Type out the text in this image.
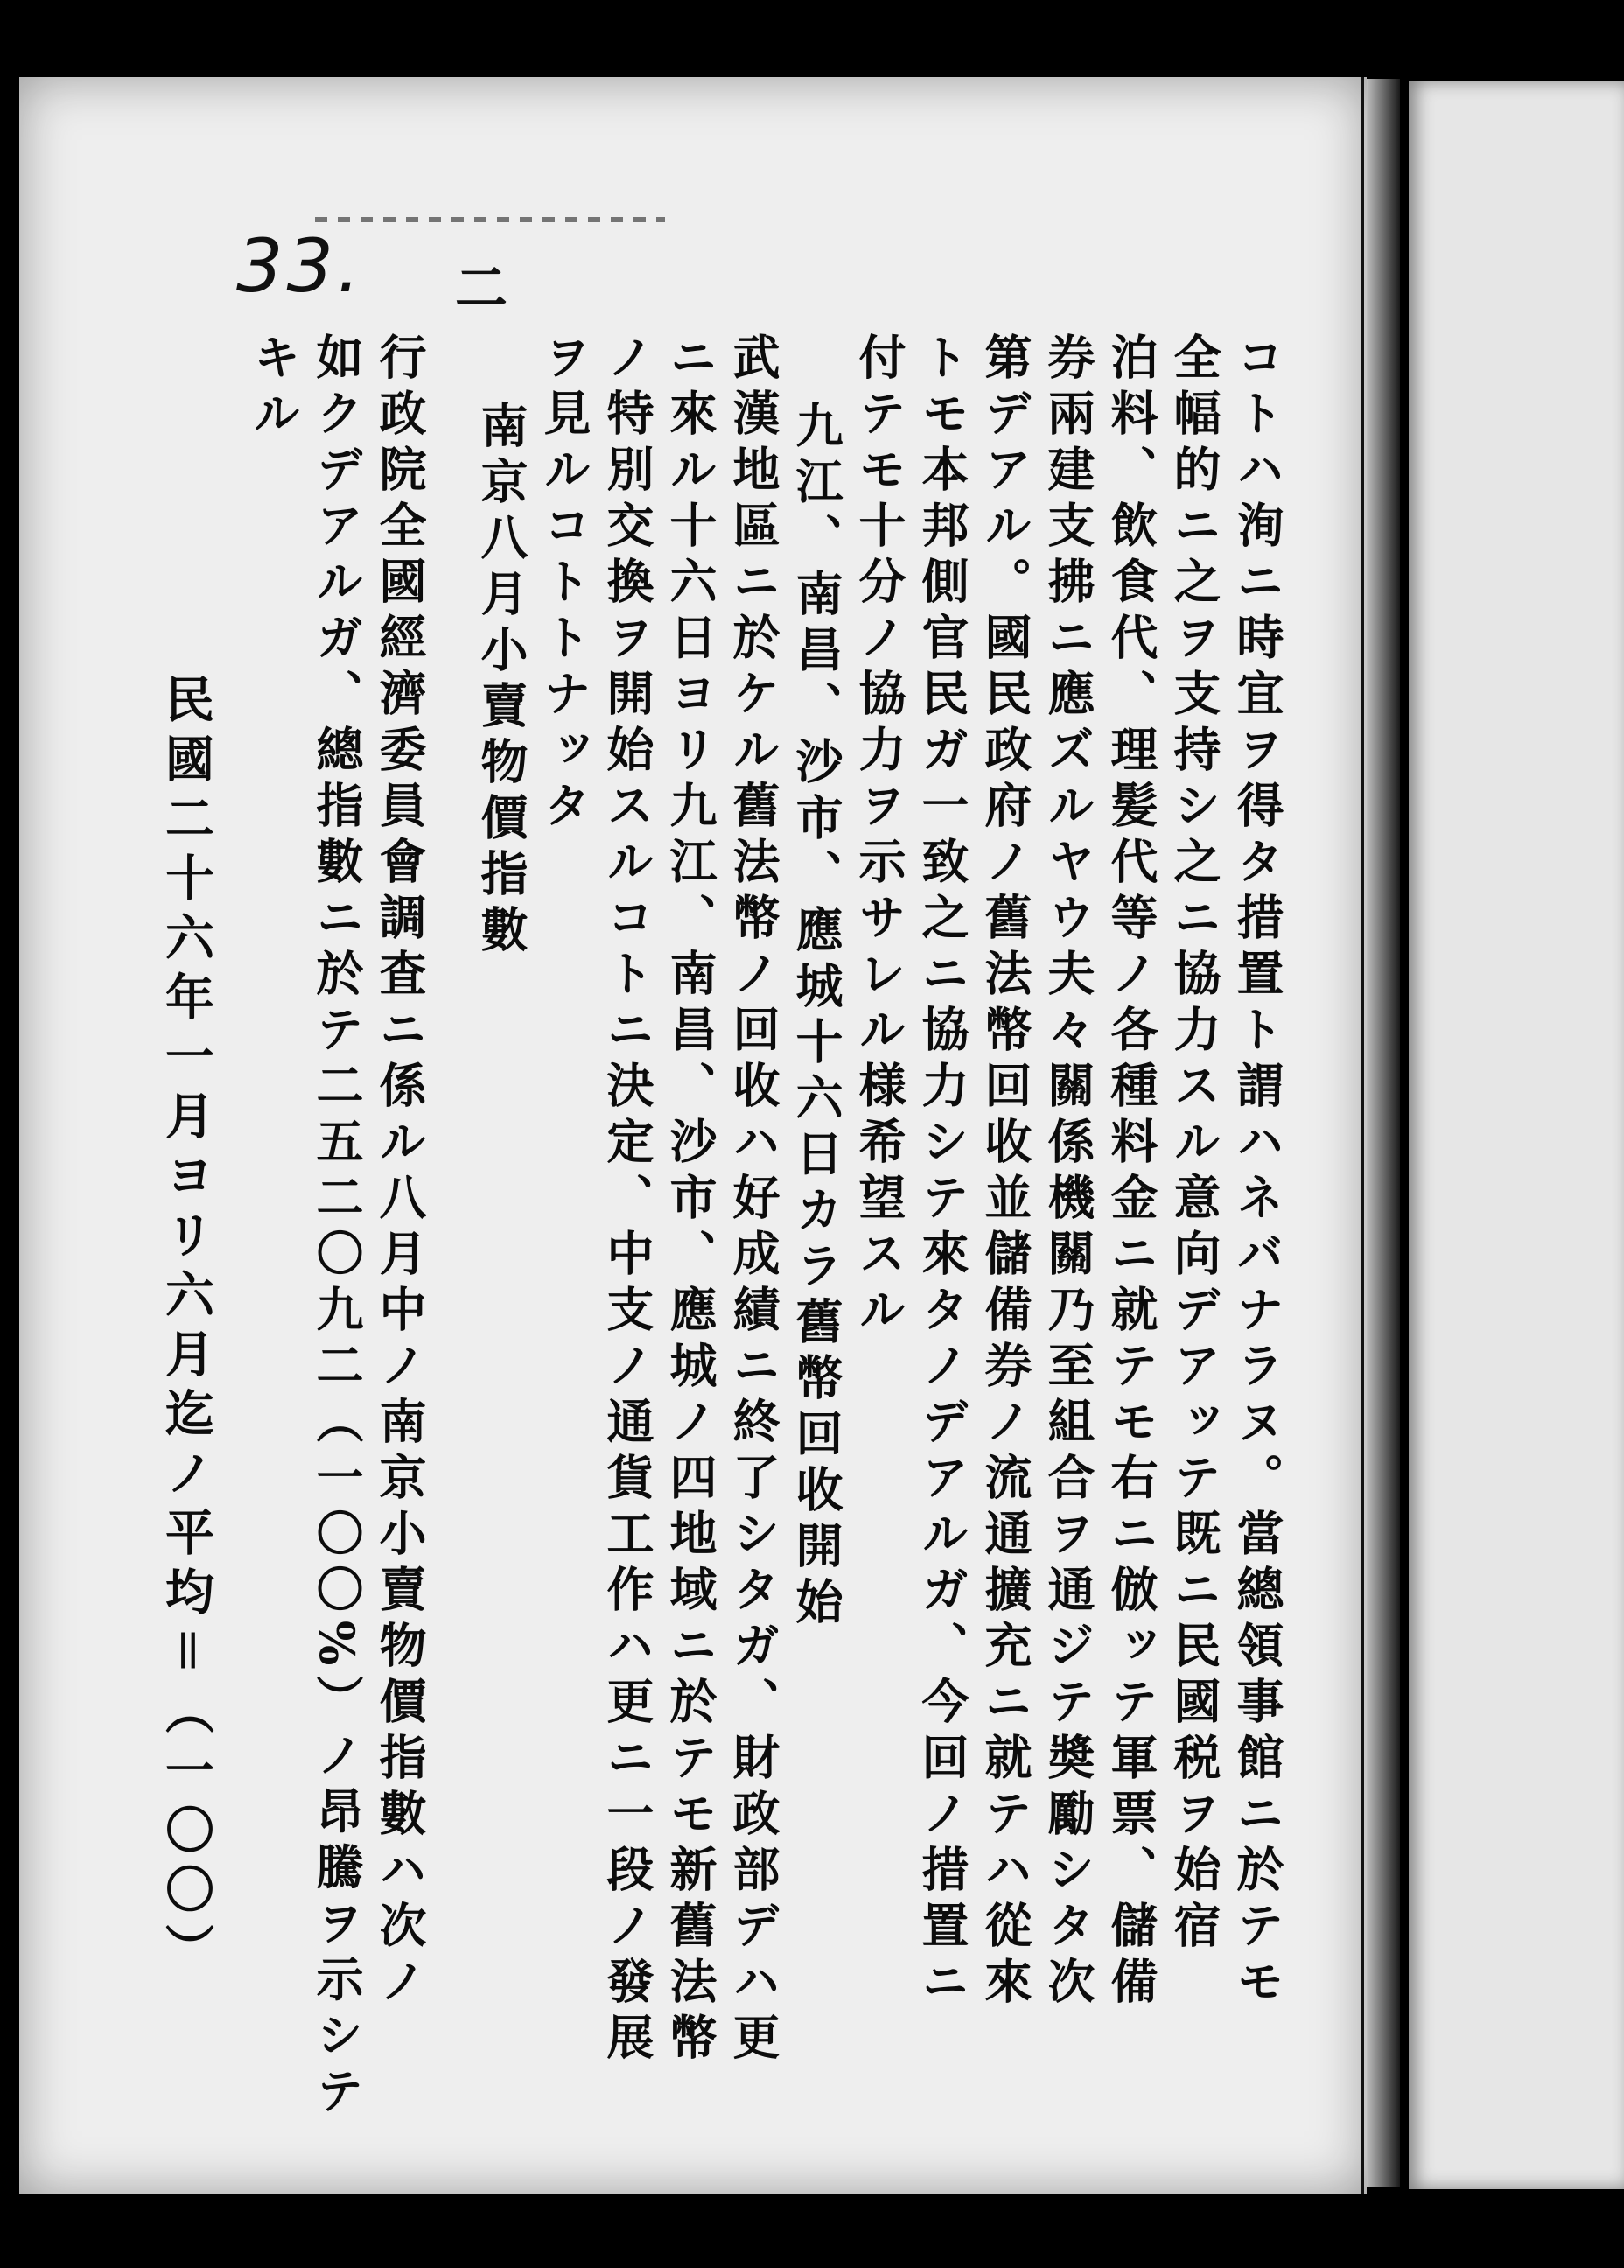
33. 二
コトハ洵ニ時宜ヲ得タ措置ト謂ハネバナラヌ。當總領事館ニ於テモ
全幅的ニ之ヲ支持シ之ニ協力スル意向デアッテ既ニ民國税ヲ始宿
泊料、飲食代、理髪代等ノ各種料金ニ就テモ右ニ倣ッテ軍票、儲備
券兩建支拂ニ應ズルヤウ夫々關係機關乃至組合ヲ通ジテ奬勵シタ次
第デアル。國民政府ノ舊法幣回收並儲備券ノ流通擴充ニ就テハ從來
トモ本邦側官民ガ一致之ニ協力シテ來タノデアルガ、今回ノ措置ニ
付テモ十分ノ協力ヲ示サレル様希望スル
九江、南昌、沙市、應城十六日カラ舊幣回收開始
武漢地區ニ於ケル舊法幣ノ回收ハ好成績ニ終了シタガ、財政部デハ更
ニ來ル十六日ヨリ九江、南昌、沙市、應城ノ四地域ニ於テモ新舊法幣
ノ特別交換ヲ開始スルコトニ決定、中支ノ通貨工作ハ更ニ一段ノ發展
ヲ見ルコトトナッタ
南京八月小賣物價指數
行政院全國經濟委員會調査ニ係ル八月中ノ南京小賣物價指數ハ次ノ
如クデアルガ、總指數ニ於テ二五二〇九二（一〇〇%）ノ昂騰ヲ示シテ
キル
民國二十六年一月ヨリ六月迄ノ平均＝（一〇〇）
